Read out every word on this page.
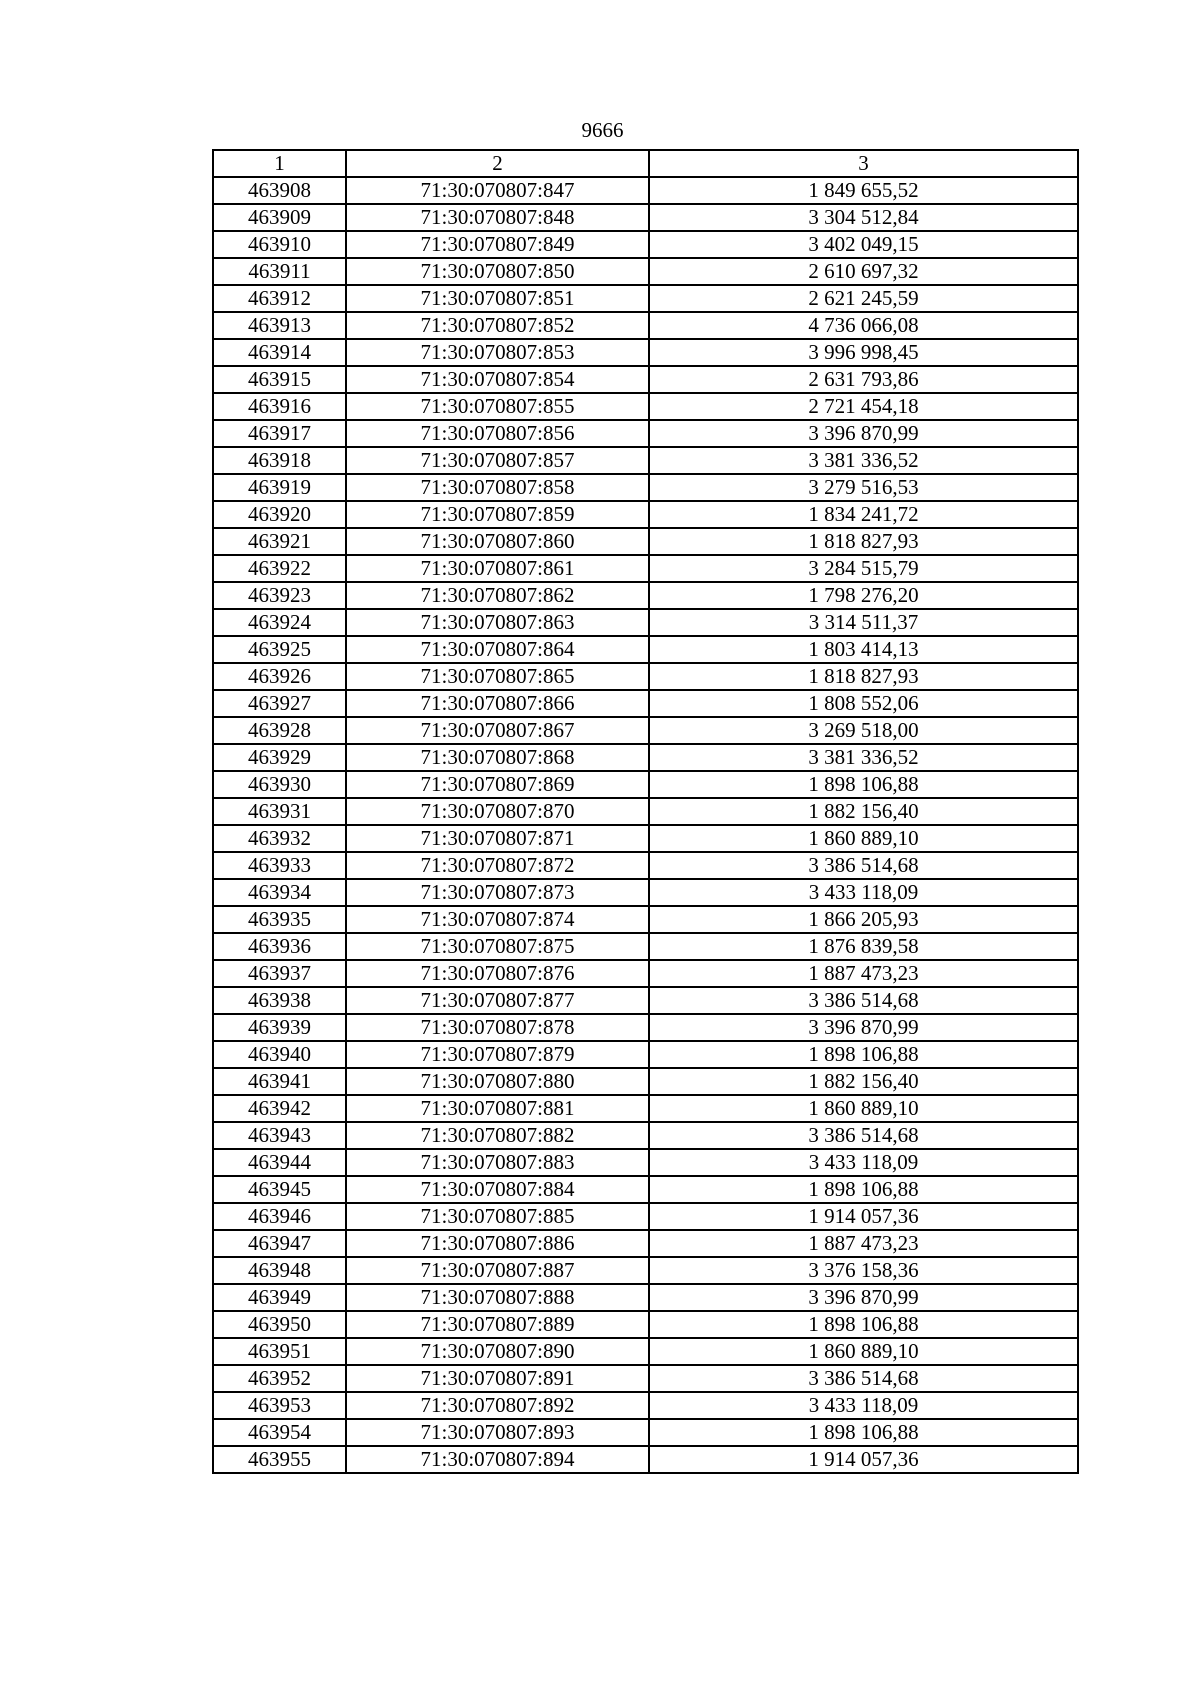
9666
1	2	3
463908	71:30:070807:847	1 849 655,52
463909	71:30:070807:848	3 304 512,84
463910	71:30:070807:849	3 402 049,15
463911	71:30:070807:850	2 610 697,32
463912	71:30:070807:851	2 621 245,59
463913	71:30:070807:852	4 736 066,08
463914	71:30:070807:853	3 996 998,45
463915	71:30:070807:854	2 631 793,86
463916	71:30:070807:855	2 721 454,18
463917	71:30:070807:856	3 396 870,99
463918	71:30:070807:857	3 381 336,52
463919	71:30:070807:858	3 279 516,53
463920	71:30:070807:859	1 834 241,72
463921	71:30:070807:860	1 818 827,93
463922	71:30:070807:861	3 284 515,79
463923	71:30:070807:862	1 798 276,20
463924	71:30:070807:863	3 314 511,37
463925	71:30:070807:864	1 803 414,13
463926	71:30:070807:865	1 818 827,93
463927	71:30:070807:866	1 808 552,06
463928	71:30:070807:867	3 269 518,00
463929	71:30:070807:868	3 381 336,52
463930	71:30:070807:869	1 898 106,88
463931	71:30:070807:870	1 882 156,40
463932	71:30:070807:871	1 860 889,10
463933	71:30:070807:872	3 386 514,68
463934	71:30:070807:873	3 433 118,09
463935	71:30:070807:874	1 866 205,93
463936	71:30:070807:875	1 876 839,58
463937	71:30:070807:876	1 887 473,23
463938	71:30:070807:877	3 386 514,68
463939	71:30:070807:878	3 396 870,99
463940	71:30:070807:879	1 898 106,88
463941	71:30:070807:880	1 882 156,40
463942	71:30:070807:881	1 860 889,10
463943	71:30:070807:882	3 386 514,68
463944	71:30:070807:883	3 433 118,09
463945	71:30:070807:884	1 898 106,88
463946	71:30:070807:885	1 914 057,36
463947	71:30:070807:886	1 887 473,23
463948	71:30:070807:887	3 376 158,36
463949	71:30:070807:888	3 396 870,99
463950	71:30:070807:889	1 898 106,88
463951	71:30:070807:890	1 860 889,10
463952	71:30:070807:891	3 386 514,68
463953	71:30:070807:892	3 433 118,09
463954	71:30:070807:893	1 898 106,88
463955	71:30:070807:894	1 914 057,36
